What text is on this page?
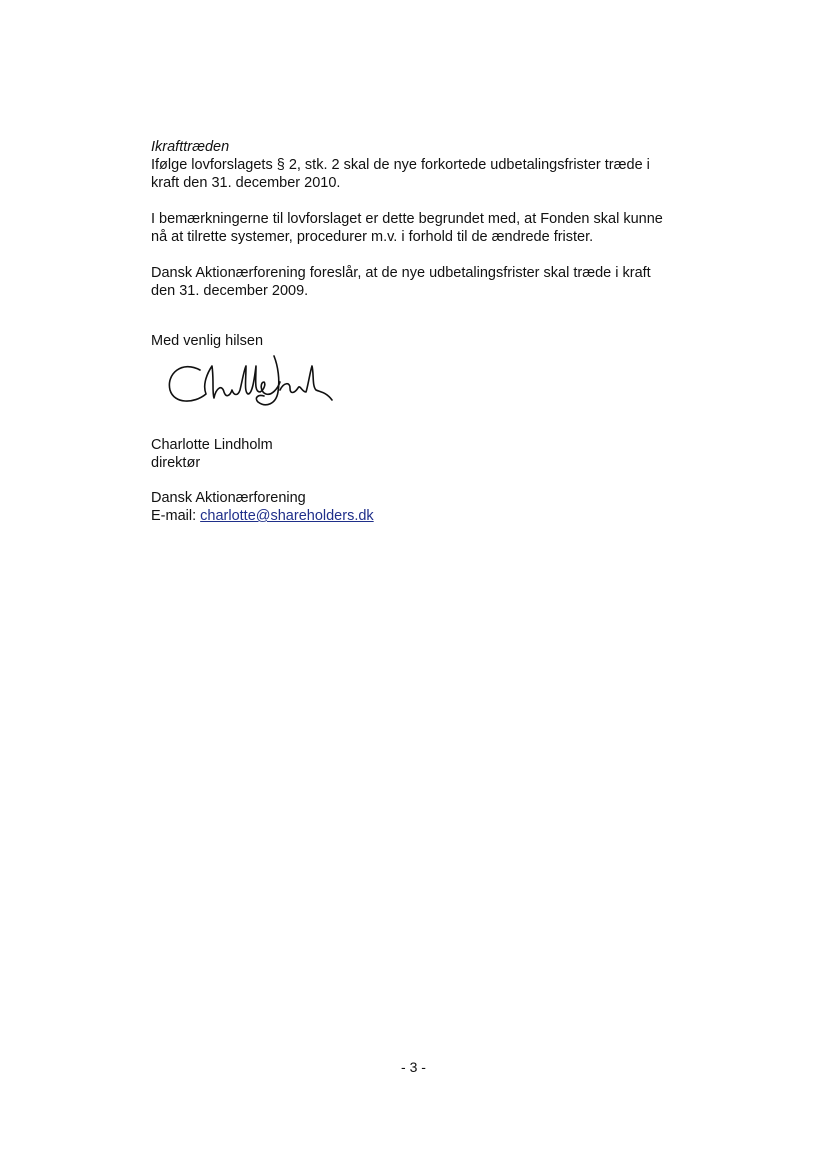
Ikrafttræden

Ifølge lovforslagets § 2, stk. 2 skal de nye forkortede udbetalingsfrister træde i
kraft den 31. december 2010.

I bemærkningerne til lovforslaget er dette begrundet med, at Fonden skal kunne
nå at tilrette systemer, procedurer m.v. i forhold til de ændrede frister.

Dansk Aktionærforening foreslår, at de nye udbetalingsfrister skal træde i kraft
den 31. december 2009.

Med venlig hilsen
Charlotte Lindholm
direktør
Dansk Aktionærforening
E-mail: charlotte@shareholders.dk
- 3 -
